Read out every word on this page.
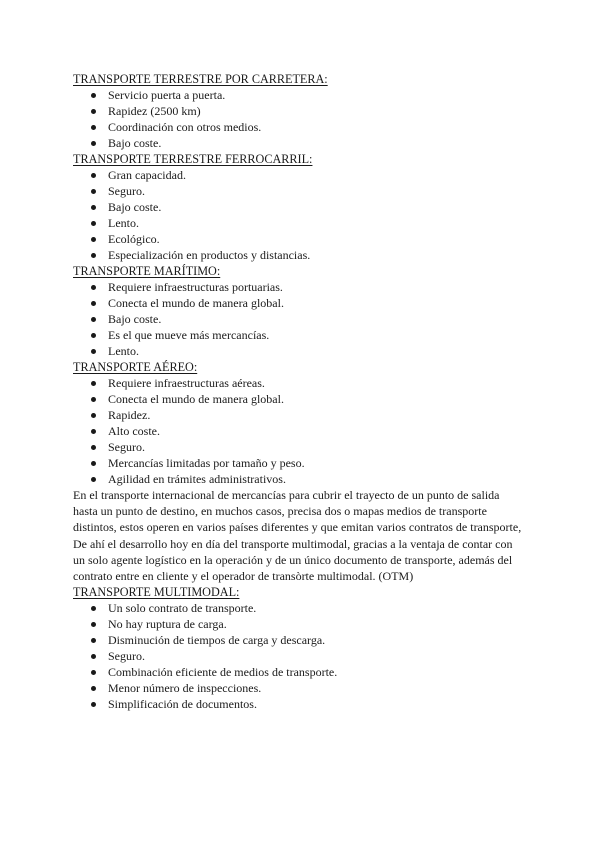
TRANSPORTE TERRESTRE POR CARRETERA:
Servicio puerta a puerta.
Rapidez (2500 km)
Coordinación con otros medios.
Bajo coste.
TRANSPORTE TERRESTRE FERROCARRIL:
Gran capacidad.
Seguro.
Bajo coste.
Lento.
Ecológico.
Especialización en productos y distancias.
TRANSPORTE MARÍTIMO:
Requiere infraestructuras portuarias.
Conecta el mundo de manera global.
Bajo coste.
Es el que mueve más mercancías.
Lento.
TRANSPORTE AÉREO:
Requiere infraestructuras aéreas.
Conecta el mundo de manera global.
Rapidez.
Alto coste.
Seguro.
Mercancías limitadas por tamaño y peso.
Agilidad en trámites administrativos.
En el transporte internacional de mercancías para cubrir el trayecto de un punto de salida
hasta un punto de destino, en muchos casos, precisa dos o mapas medios de transporte
distintos, estos operen en varios países diferentes y que emitan varios contratos de transporte,
De ahí el desarrollo hoy en día del transporte multimodal, gracias a la ventaja de contar con
un solo agente logístico en la operación y de un único documento de transporte, además del
contrato entre en cliente y el operador de transòrte multimodal. (OTM)
TRANSPORTE MULTIMODAL:
Un solo contrato de transporte.
No hay ruptura de carga.
Disminución de tiempos de carga y descarga.
Seguro.
Combinación eficiente de medios de transporte.
Menor número de inspecciones.
Simplificación de documentos.
